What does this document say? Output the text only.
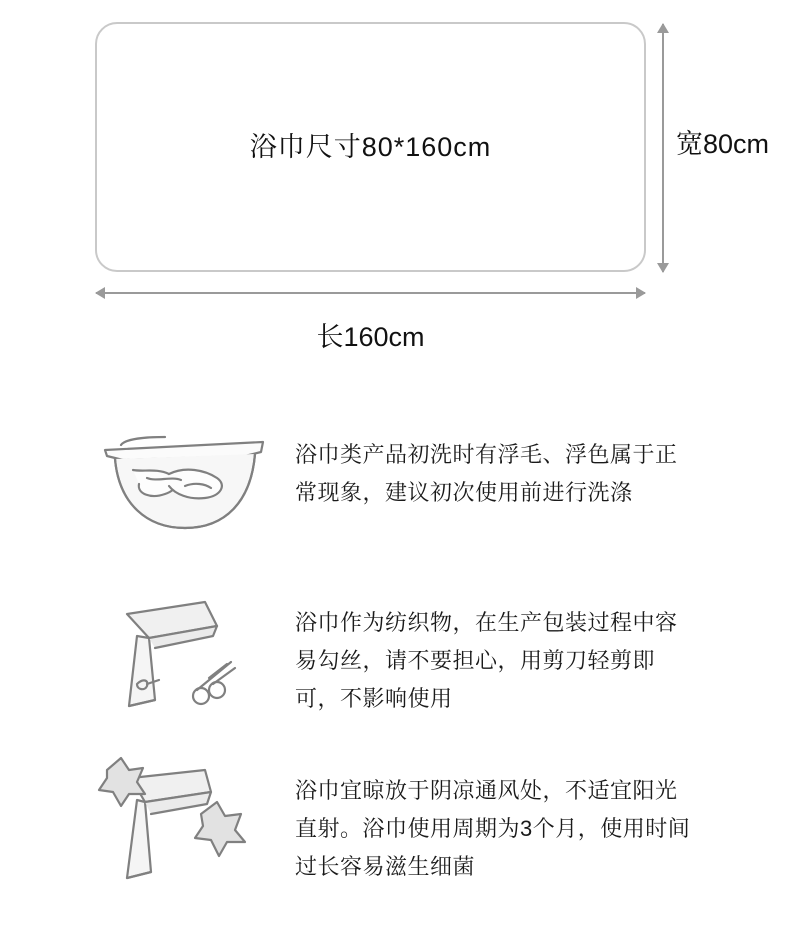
浴巾尺寸80*160cm	宽80cm
长160cm
浴巾类产品初洗时有浮毛、浮色属于正常现象，建议初次使用前进行洗涤
浴巾作为纺织物，在生产包装过程中容易勾丝，请不要担心，用剪刀轻剪即可，不影响使用
浴巾宜晾放于阴凉通风处，不适宜阳光直射。浴巾使用周期为3个月，使用时间过长容易滋生细菌
